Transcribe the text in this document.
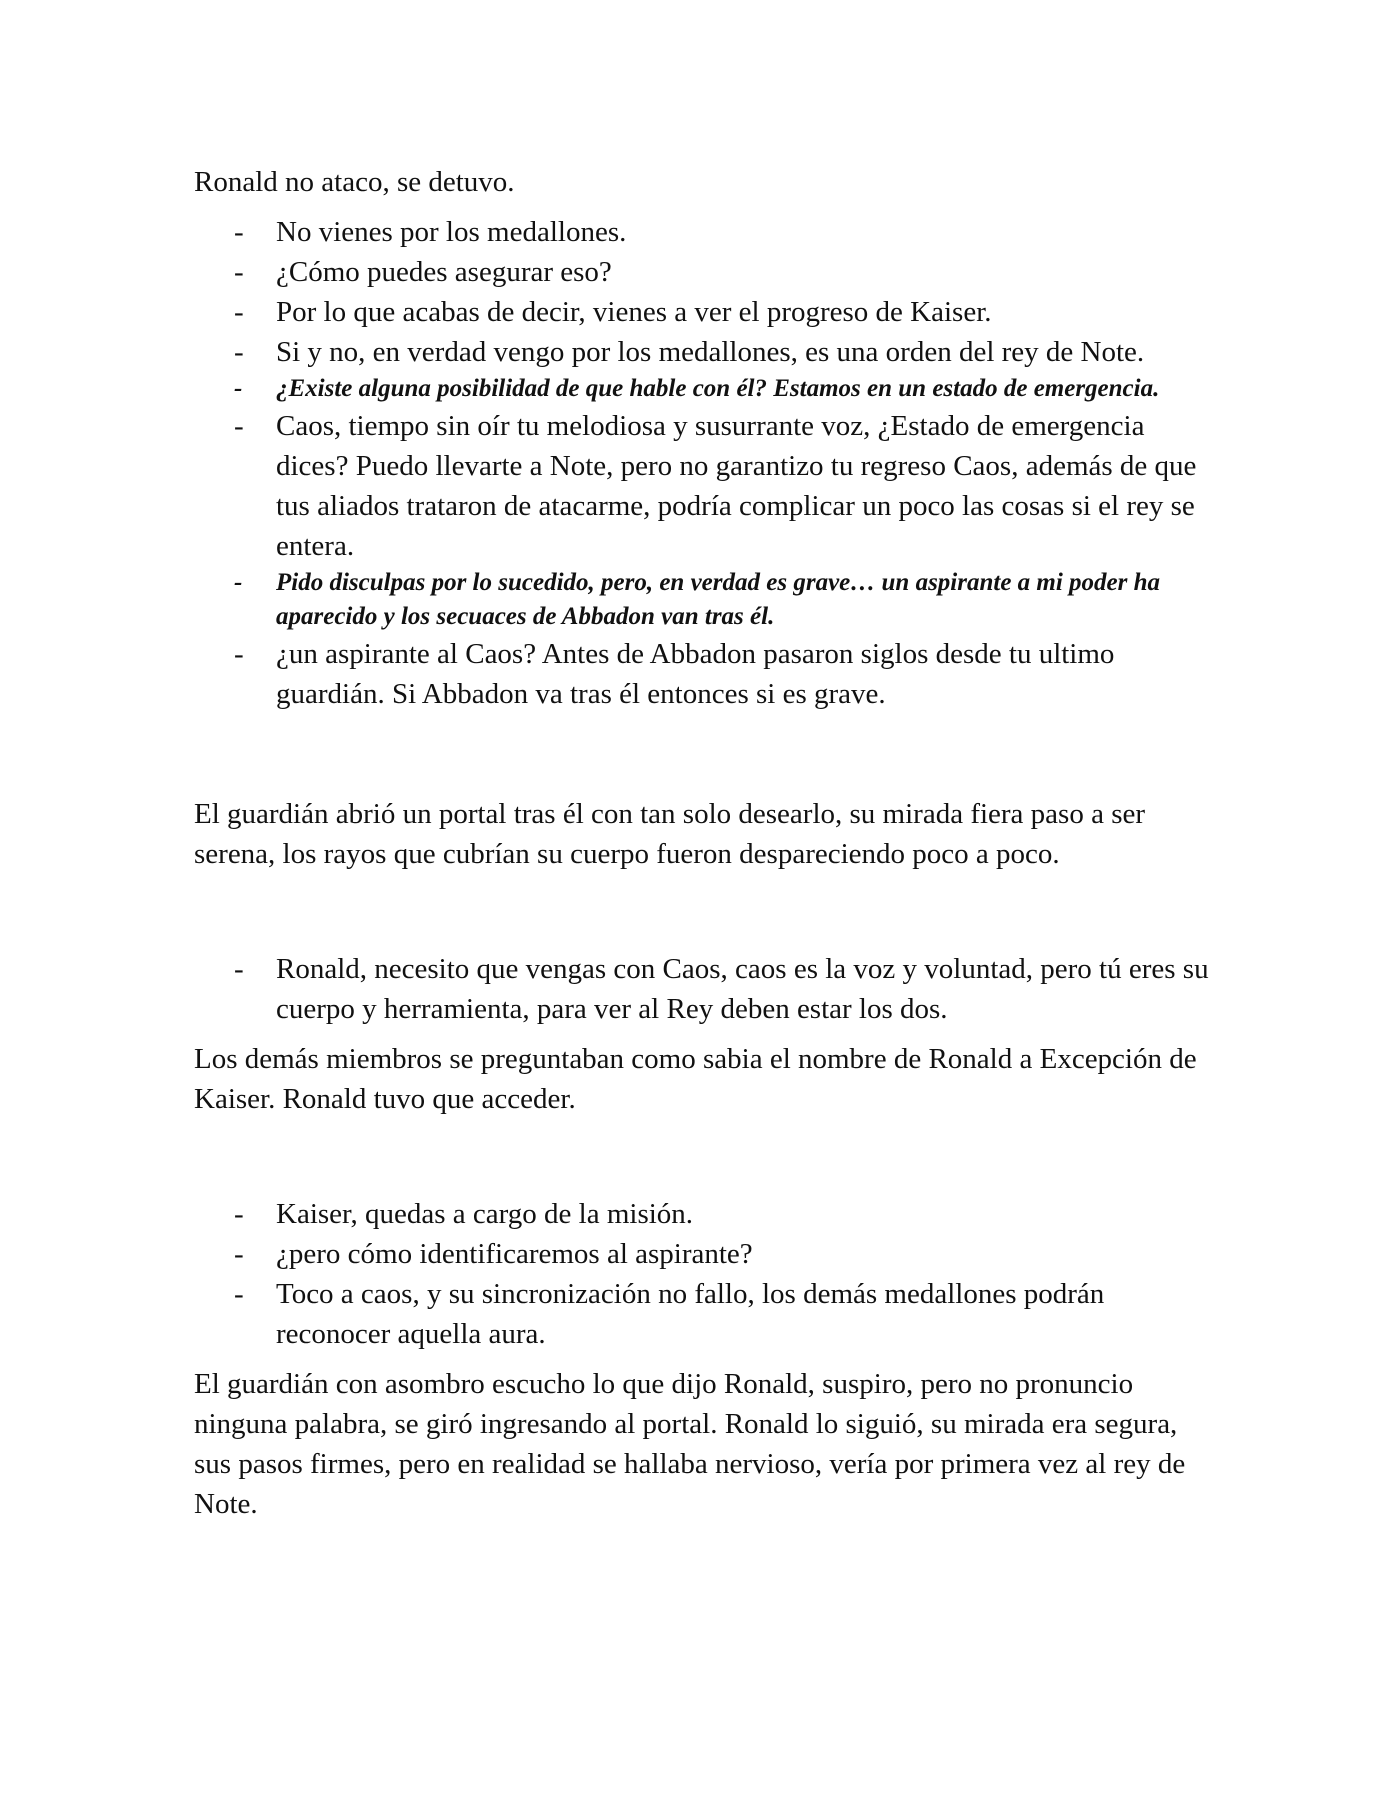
Ronald no ataco, se detuvo.

- No vienes por los medallones.
- ¿Cómo puedes asegurar eso?
- Por lo que acabas de decir, vienes a ver el progreso de Kaiser.
- Si y no, en verdad vengo por los medallones, es una orden del rey de Note.
- ¿Existe alguna posibilidad de que hable con él? Estamos en un estado de emergencia.
- Caos, tiempo sin oír tu melodiosa y susurrante voz, ¿Estado de emergencia dices? Puedo llevarte a Note, pero no garantizo tu regreso Caos, además de que tus aliados trataron de atacarme, podría complicar un poco las cosas si el rey se entera.
- Pido disculpas por lo sucedido, pero, en verdad es grave… un aspirante a mi poder ha aparecido y los secuaces de Abbadon van tras él.
- ¿un aspirante al Caos? Antes de Abbadon pasaron siglos desde tu ultimo guardián. Si Abbadon va tras él entonces si es grave.

El guardián abrió un portal tras él con tan solo desearlo, su mirada fiera paso a ser serena, los rayos que cubrían su cuerpo fueron despareciendo poco a poco.

- Ronald, necesito que vengas con Caos, caos es la voz y voluntad, pero tú eres su cuerpo y herramienta, para ver al Rey deben estar los dos.

Los demás miembros se preguntaban como sabia el nombre de Ronald a Excepción de Kaiser. Ronald tuvo que acceder.

- Kaiser, quedas a cargo de la misión.
- ¿pero cómo identificaremos al aspirante?
- Toco a caos, y su sincronización no fallo, los demás medallones podrán reconocer aquella aura.

El guardián con asombro escucho lo que dijo Ronald, suspiro, pero no pronuncio ninguna palabra, se giró ingresando al portal. Ronald lo siguió, su mirada era segura, sus pasos firmes, pero en realidad se hallaba nervioso, vería por primera vez al rey de Note.
